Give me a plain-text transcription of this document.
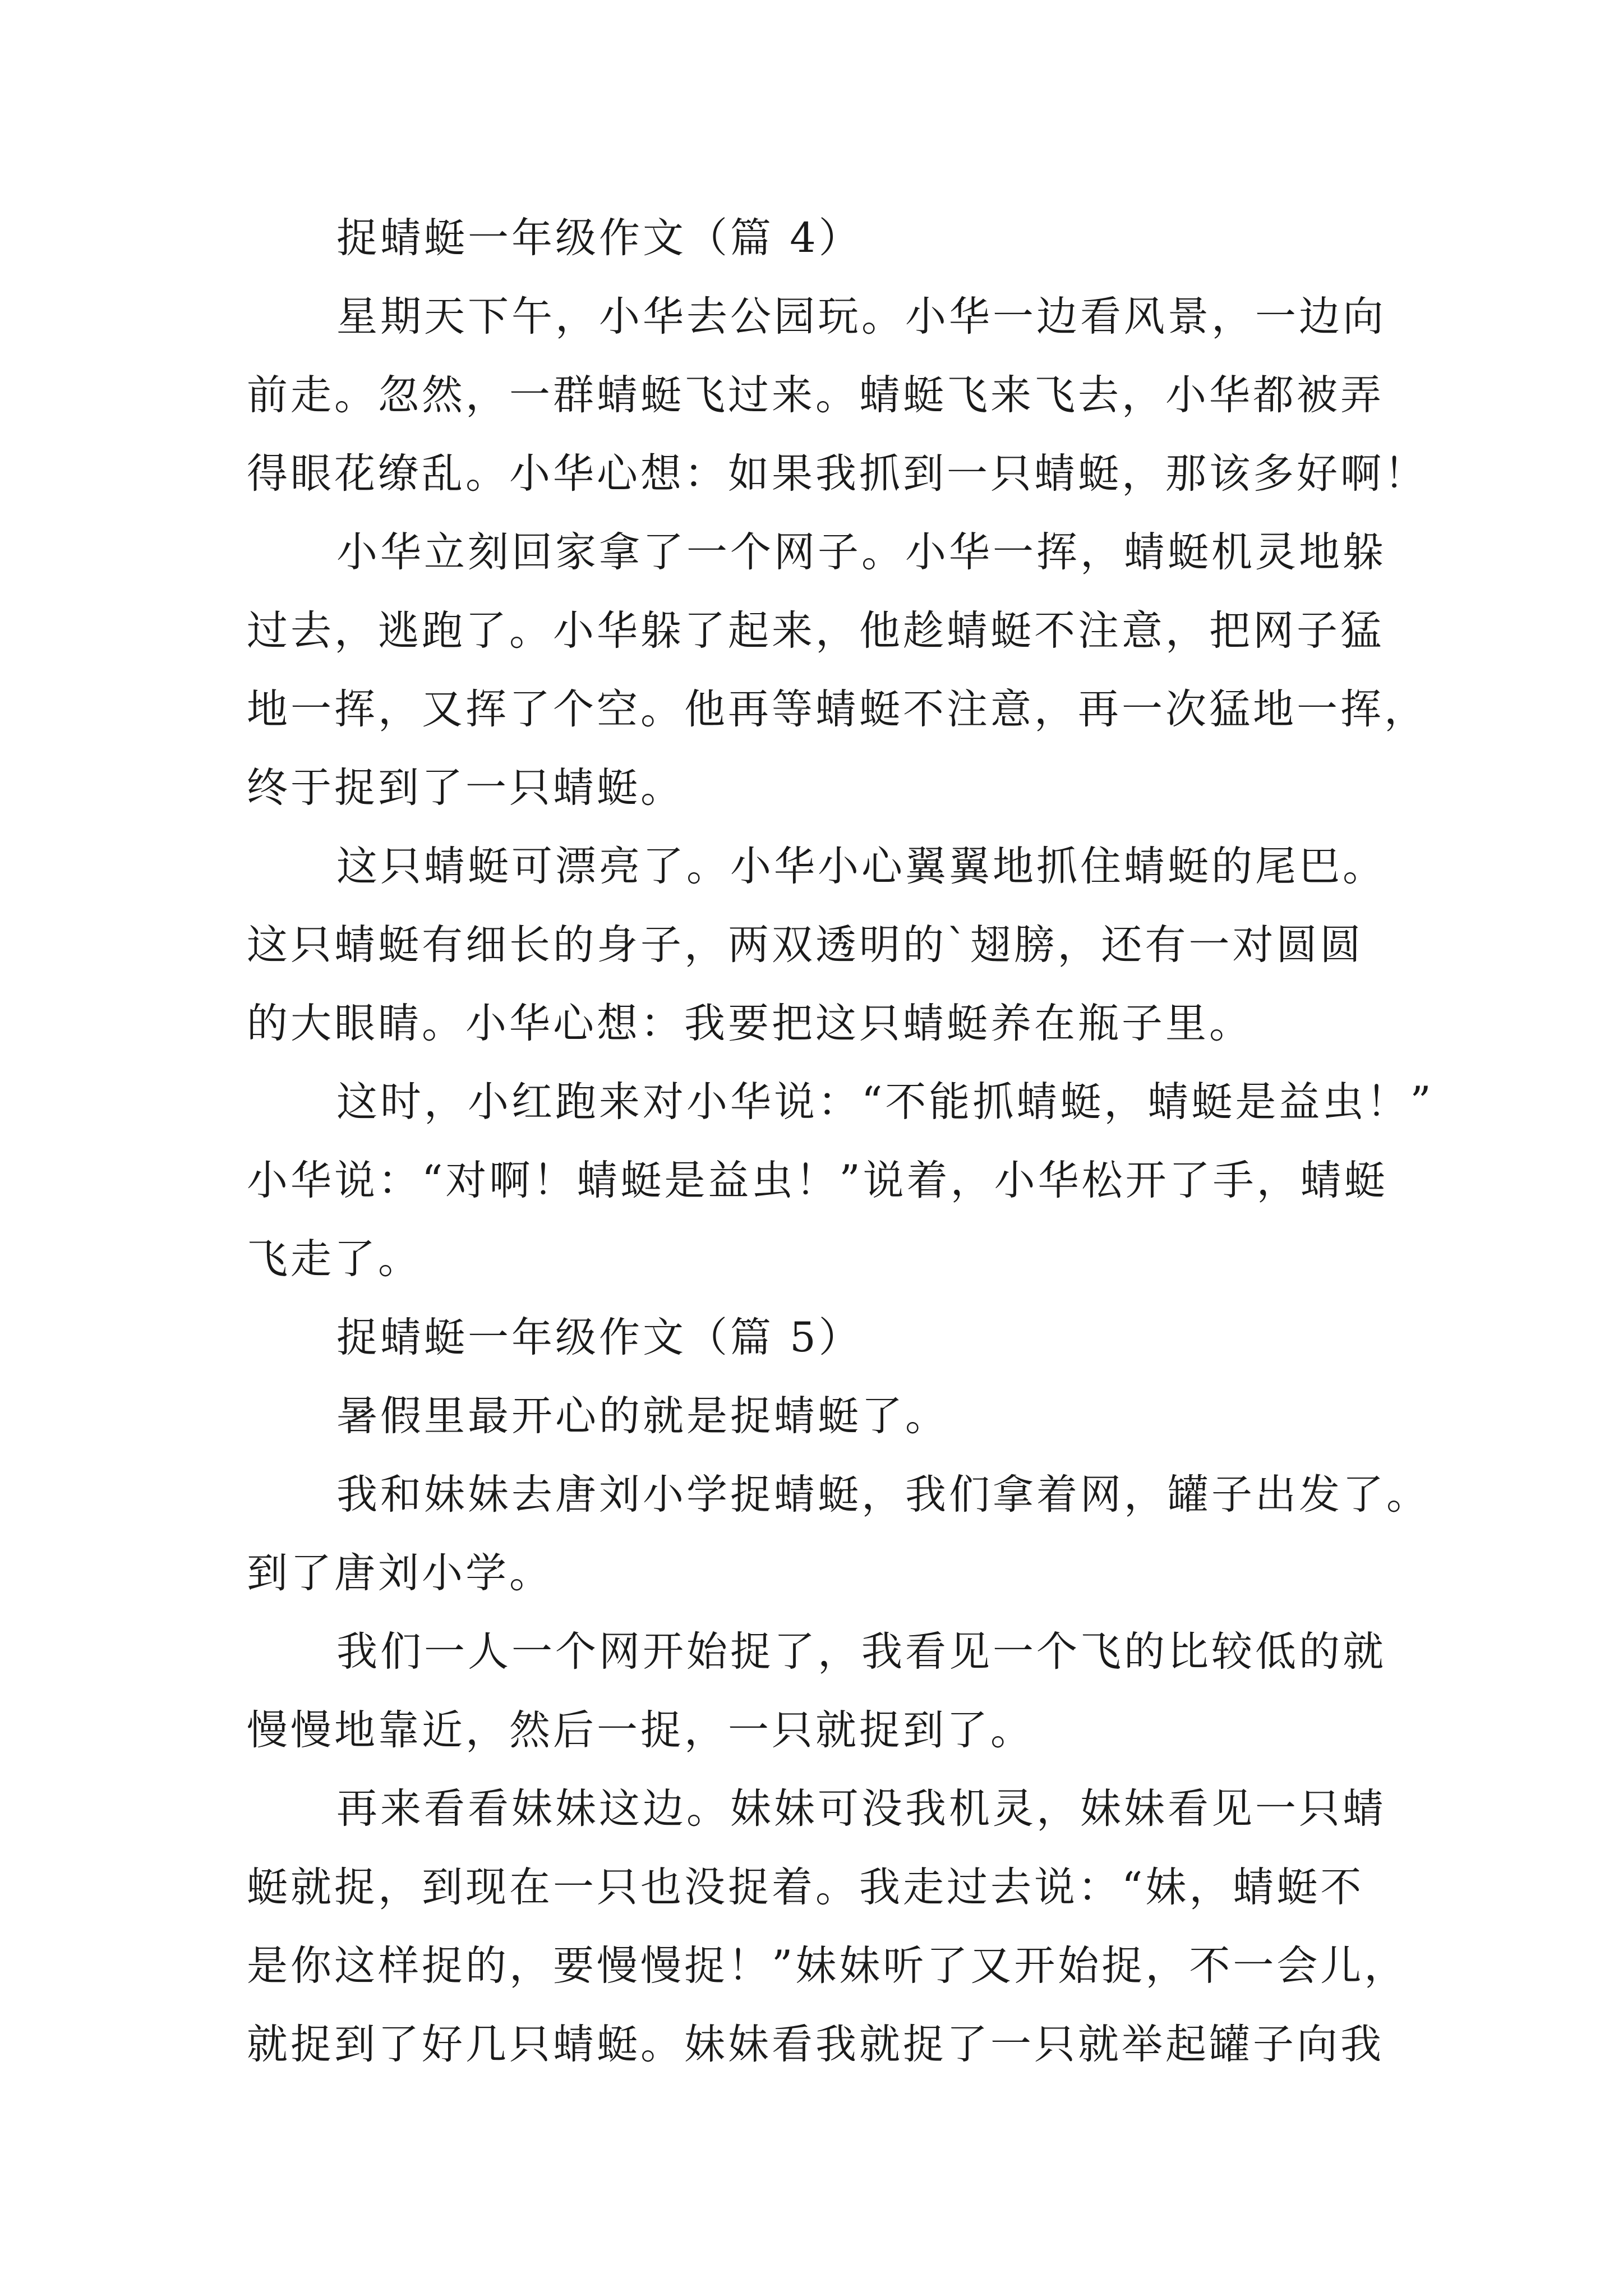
捉蜻蜓一年级作文（篇 4）

星期天下午，小华去公园玩。小华一边看风景，一边向

前走。忽然，一群蜻蜓飞过来。蜻蜓飞来飞去，小华都被弄

得眼花缭乱。小华心想：如果我抓到一只蜻蜓，那该多好啊！

小华立刻回家拿了一个网子。小华一挥，蜻蜓机灵地躲

过去，逃跑了。小华躲了起来，他趁蜻蜓不注意，把网子猛

地一挥，又挥了个空。他再等蜻蜓不注意，再一次猛地一挥，

终于捉到了一只蜻蜓。

这只蜻蜓可漂亮了。小华小心翼翼地抓住蜻蜓的尾巴。

这只蜻蜓有细长的身子，两双透明的`翅膀，还有一对圆圆

的大眼睛。小华心想：我要把这只蜻蜓养在瓶子里。

这时，小红跑来对小华说：“不能抓蜻蜓，蜻蜓是益虫！”

小华说：“对啊！蜻蜓是益虫！”说着，小华松开了手，蜻蜓

飞走了。

捉蜻蜓一年级作文（篇 5）

暑假里最开心的就是捉蜻蜓了。

我和妹妹去唐刘小学捉蜻蜓，我们拿着网，罐子出发了。

到了唐刘小学。

我们一人一个网开始捉了，我看见一个飞的比较低的就

慢慢地靠近，然后一捉，一只就捉到了。

再来看看妹妹这边。妹妹可没我机灵，妹妹看见一只蜻

蜓就捉，到现在一只也没捉着。我走过去说：“妹，蜻蜓不

是你这样捉的，要慢慢捉！”妹妹听了又开始捉，不一会儿，

就捉到了好几只蜻蜓。妹妹看我就捉了一只就举起罐子向我
